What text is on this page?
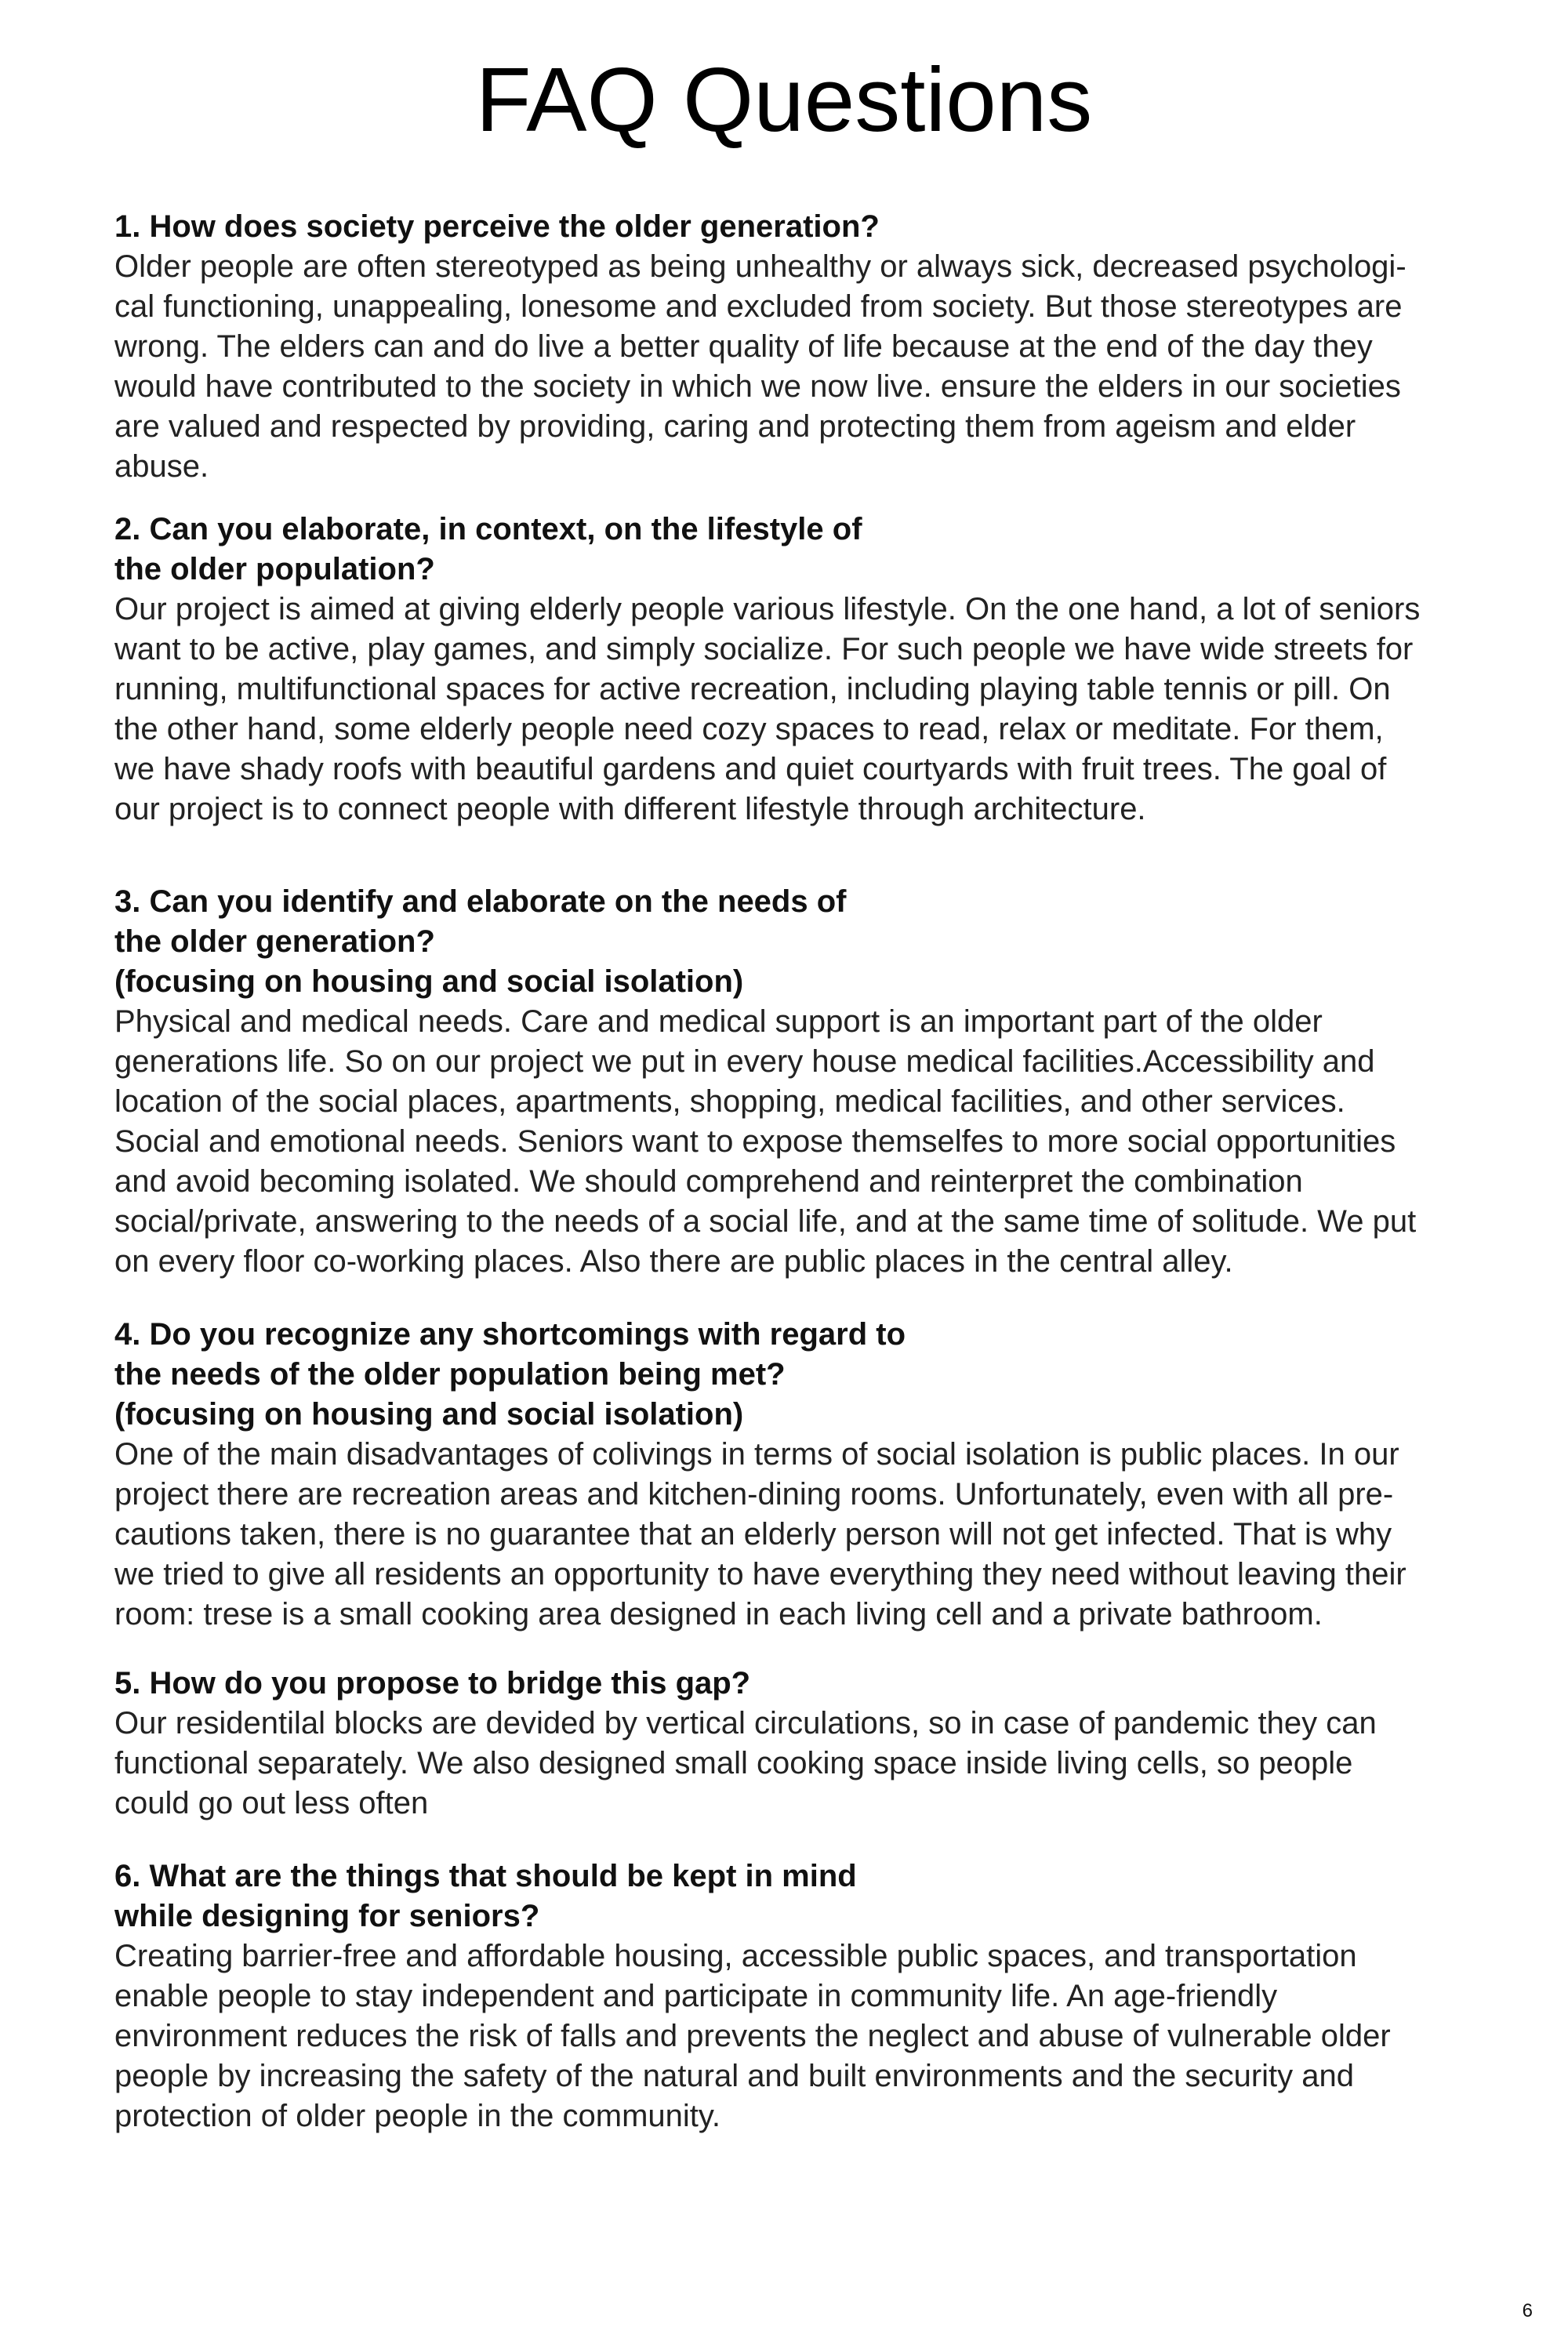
FAQ Questions

1. How does society perceive the older generation?

Older people are often stereotyped as being unhealthy or always sick, decreased psychologi-
cal functioning, unappealing, lonesome and excluded from society. But those stereotypes are
wrong. The elders can and do live a better quality of life because at the end of the day they
would have contributed to the society in which we now live. ensure the elders in our societies
are valued and respected by providing, caring and protecting them from ageism and elder
abuse.

2. Can you elaborate, in context, on the lifestyle of
the older population?

Our project is aimed at giving elderly people various lifestyle. On the one hand, a lot of seniors
want to be active, play games, and simply socialize. For such people we have wide streets for
running, multifunctional spaces for active recreation, including playing table tennis or pill. On
the other hand, some elderly people need cozy spaces to read, relax or meditate. For them,
we have shady roofs with beautiful gardens and quiet courtyards with fruit trees. The goal of
our project is to connect people with different lifestyle through architecture.

3. Can you identify and elaborate on the needs of
the older generation?
(focusing on housing and social isolation)

Physical and medical needs. Care and medical support is an important part of the older
generations life. So on our project we put in every house medical facilities.Accessibility and
location of the social places, apartments, shopping, medical facilities, and other services.
Social and emotional needs. Seniors want to expose themselfes to more social opportunities
and avoid becoming isolated. We should comprehend and reinterpret the combination
social/private, answering to the needs of a social life, and at the same time of solitude. We put
on every floor co-working places. Also there are public places in the central alley.

4. Do you recognize any shortcomings with regard to
the needs of the older population being met?
(focusing on housing and social isolation)

One of the main disadvantages of colivings in terms of social isolation is public places. In our
project there are recreation areas and kitchen-dining rooms. Unfortunately, even with all pre-
cautions taken, there is no guarantee that an elderly person will not get infected. That is why
we tried to give all residents an opportunity to have everything they need without leaving their
room: trese is a small cooking area designed in each living cell and a private bathroom.

5. How do you propose to bridge this gap?

Our residentilal blocks are devided by vertical circulations, so in case of pandemic they can
functional separately. We also designed small cooking space inside living cells, so people
could go out less often

6. What are the things that should be kept in mind
while designing for seniors?

Creating barrier-free and affordable housing, accessible public spaces, and transportation
enable people to stay independent and participate in community life. An age-friendly
environment reduces the risk of falls and prevents the neglect and abuse of vulnerable older
people by increasing the safety of the natural and built environments and the security and
protection of older people in the community.

6
